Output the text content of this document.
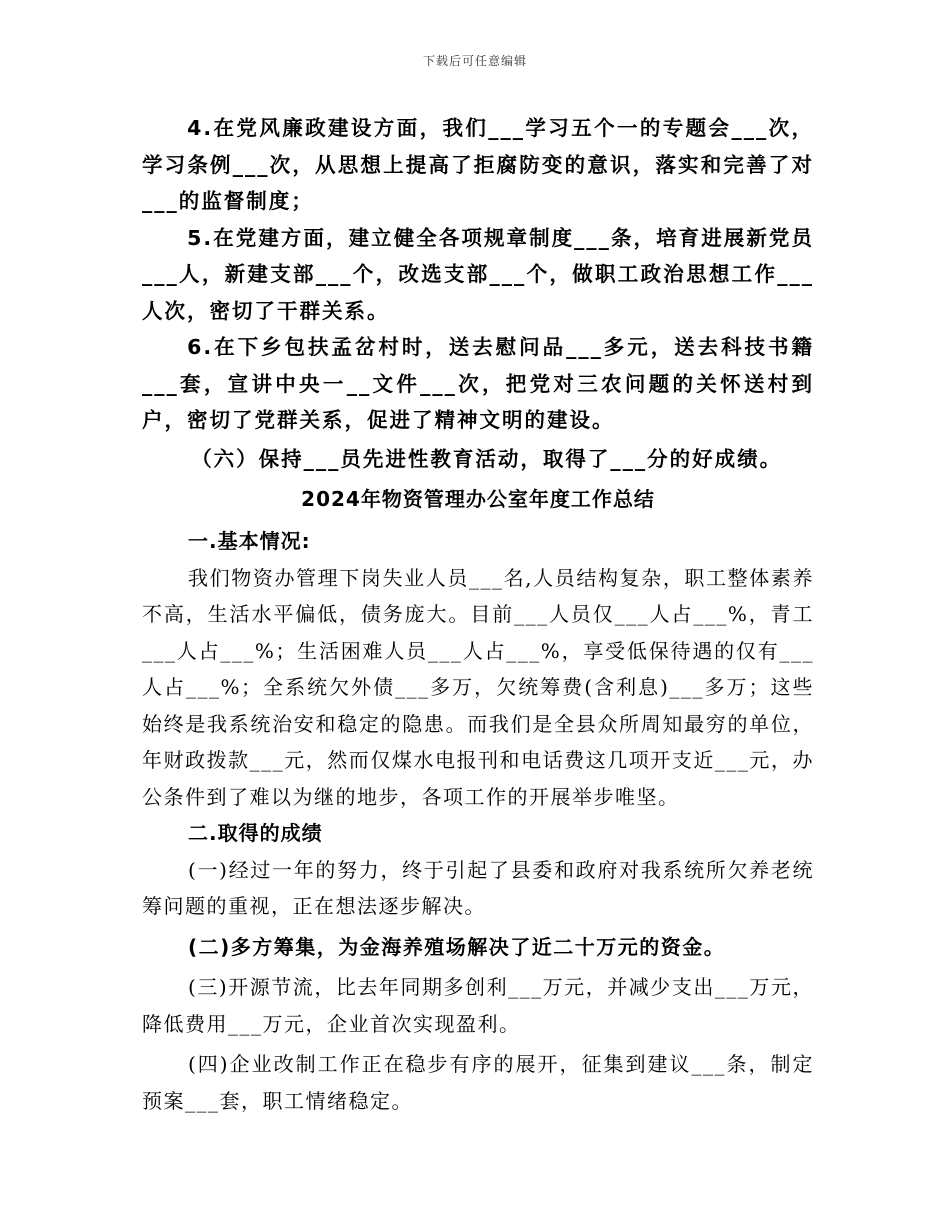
下载后可任意编辑

4.在党风廉政建设方面，我们___学习五个一的专题会___次，学习条例___次，从思想上提高了拒腐防变的意识，落实和完善了对___的监督制度；

5.在党建方面，建立健全各项规章制度___条，培育进展新党员___人，新建支部___个，改选支部___个，做职工政治思想工作___人次，密切了干群关系。

6.在下乡包扶孟岔村时，送去慰问品___多元，送去科技书籍___套，宣讲中央一__文件___次，把党对三农问题的关怀送村到户，密切了党群关系，促进了精神文明的建设。

（六）保持___员先进性教育活动，取得了___分的好成绩。

2024年物资管理办公室年度工作总结

一.基本情况:

我们物资办管理下岗失业人员___名,人员结构复杂，职工整体素养不高，生活水平偏低，债务庞大。目前___人员仅___人占___%，青工___人占___%；生活困难人员___人占___%，享受低保待遇的仅有___人占___%；全系统欠外债___多万，欠统筹费(含利息)___多万；这些始终是我系统治安和稳定的隐患。而我们是全县众所周知最穷的单位，年财政拨款___元，然而仅煤水电报刊和电话费这几项开支近___元，办公条件到了难以为继的地步，各项工作的开展举步唯坚。

二.取得的成绩

(一)经过一年的努力，终于引起了县委和政府对我系统所欠养老统筹问题的重视，正在想法逐步解决。

(二)多方筹集，为金海养殖场解决了近二十万元的资金。

(三)开源节流，比去年同期多创利___万元，并减少支出___万元，降低费用___万元，企业首次实现盈利。

(四)企业改制工作正在稳步有序的展开，征集到建议___条，制定预案___套，职工情绪稳定。
